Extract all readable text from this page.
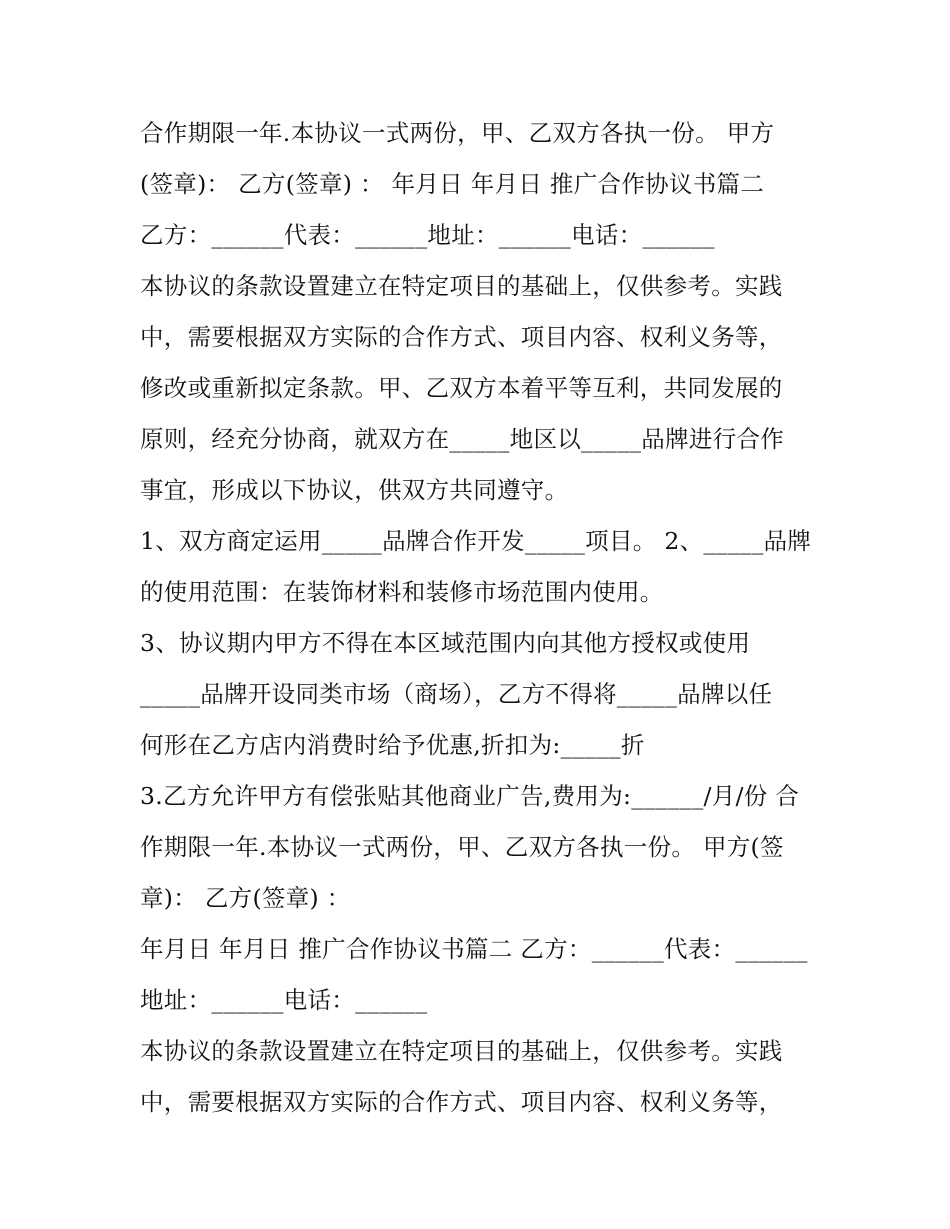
合作期限一年.本协议一式两份，甲、乙双方各执一份。 甲方
(签章)： 乙方(签章) ： 年月日 年月日 推广合作协议书篇二
乙方：______代表：______地址：______电话：______
本协议的条款设置建立在特定项目的基础上，仅供参考。实践
中，需要根据双方实际的合作方式、项目内容、权利义务等，
修改或重新拟定条款。甲、乙双方本着平等互利，共同发展的
原则，经充分协商，就双方在_____地区以_____品牌进行合作
事宜，形成以下协议，供双方共同遵守。
1、双方商定运用_____品牌合作开发_____项目。 2、_____品牌
的使用范围：在装饰材料和装修市场范围内使用。
3、协议期内甲方不得在本区域范围内向其他方授权或使用
_____品牌开设同类市场（商场），乙方不得将_____品牌以任
何形在乙方店内消费时给予优惠,折扣为:_____折
3.乙方允许甲方有偿张贴其他商业广告,费用为:______/月/份 合
作期限一年.本协议一式两份，甲、乙双方各执一份。 甲方(签
章)： 乙方(签章) ：
年月日 年月日 推广合作协议书篇二 乙方：______代表：______
地址：______电话：______
本协议的条款设置建立在特定项目的基础上，仅供参考。实践
中，需要根据双方实际的合作方式、项目内容、权利义务等，
